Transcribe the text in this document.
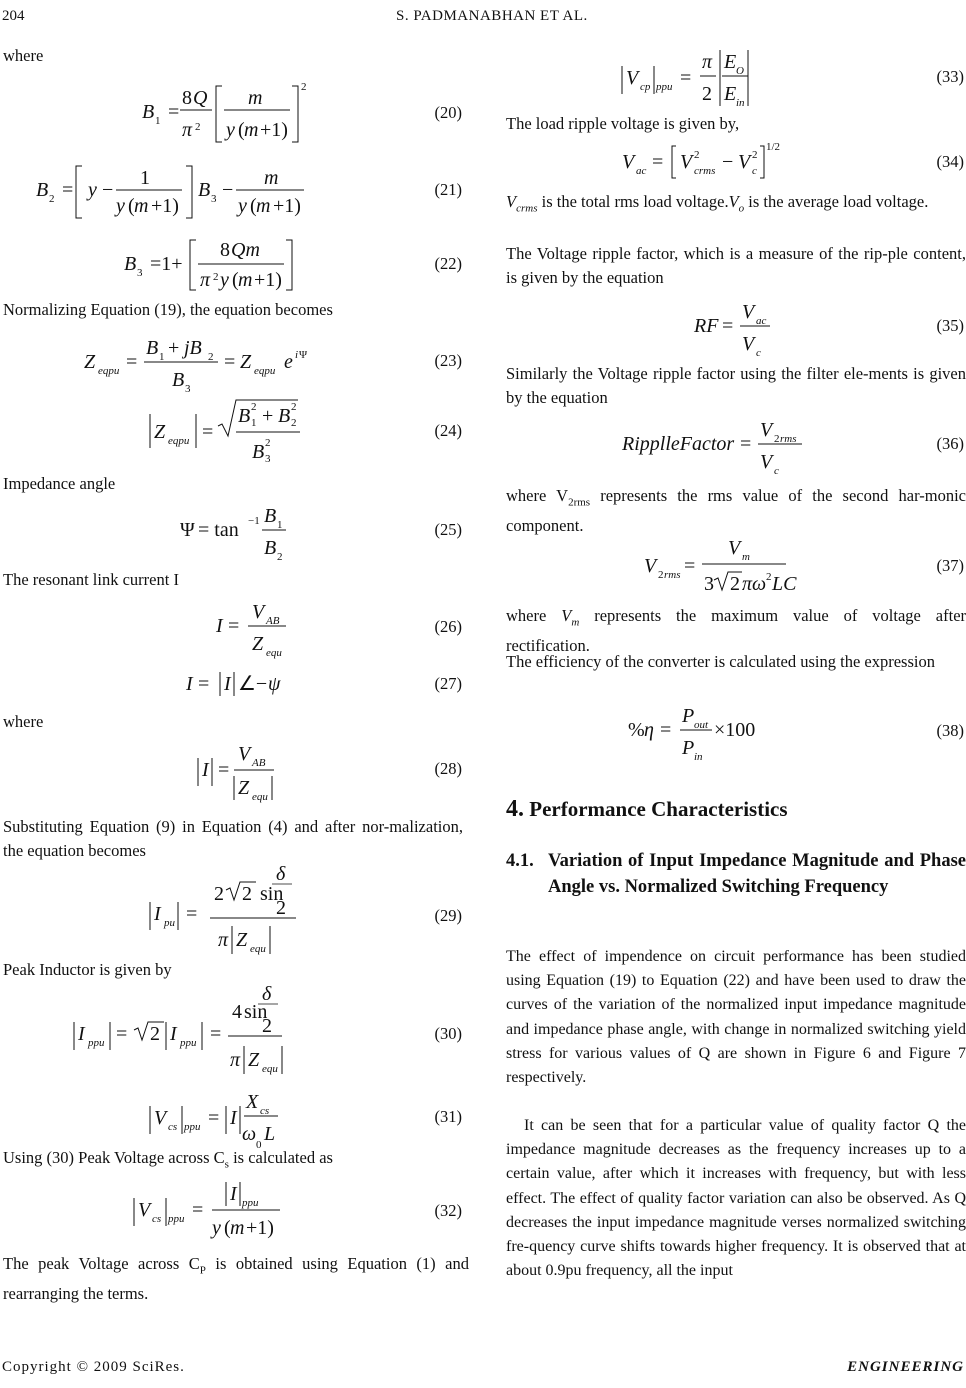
204	S. PADMANABHAN ET AL.
where
B 1 =
8 Q
π 2
m
y ( m +1)
2
(20)
B 2 = y −
1
y ( m +1)
B 3 −
m
y ( m +1)
(21)
B 3 =1+
8 Qm
π 2 y ( m +1)
(22)
Normalizing Equation (19), the equation becomes
Z eqpu =
B 1 + jB 2
B 3
= Z eqpu e i Ψ	(23)
Z eqpu =
B 2
1 + B 2
2
B 2
3
(24)
Impedance angle
Ψ = tan −1 B 1
B 2
(25)
The resonant link current I
I =
V AB
Z equ
(26)
I = I ∠− ψ	(27)
where
I =
V AB
Z equ
(28)
Substituting Equation (9) in Equation (4) and after nor-malization, the equation becomes
I pu =
2 2 sin
δ
2
π Z equ
(29)
Peak Inductor is given by
I ppu = 2 I ppu =
4 sin
δ
2
π Z equ
(30)
V cs ppu = I
X cs
ω 0 L
(31)
Using (30) Peak Voltage across $C_s$ is calculated as
V cs ppu =
I ppu
y ( m +1)
(32)
The peak Voltage across $C_P$ is obtained using Equation (1) and rearranging the terms.
V cp ppu =
π
2
E O
E in
(33)
The load ripple voltage is given by,
V ac = V 2
crms − V 2
c
1/2
(34)
$V_{crms}$ is the total rms load $voltage.V_o$ is the average load voltage.
The Voltage ripple factor, which is a measure of the rip-ple content, is given by the equation
RF =
V ac
V c
(35)
Similarly the Voltage ripple factor using the filter ele-ments is given by the equation
RipplleFactor =
V 2 rms
V c
(36)
where $V_{2rms}$ represents the rms value of the second har-monic component.
V 2 rms =
V m
3 2 πω 2 LC
(37)
where $V_m$ represents the maximum value of voltage after rectification.
The efficiency of the converter is calculated using the expression
% η =
P out
P in
×100	(38)
4. Performance Characteristics
4.1. Variation of Input Impedance Magnitude and Phase Angle vs. Normalized Switching Frequency
The effect of impendence on circuit performance has been studied using Equation (19) to Equation (22) and have been used to draw the curves of the variation of the normalized input impedance magnitude and impedance phase angle, with change in normalized switching yield stress for various values of Q are shown in Figure 6 and Figure 7 respectively.
It can be seen that for a particular value of quality factor Q the impedance magnitude decreases as the frequency increases up to a certain value, after which it increases with frequency, but with less effect. The effect of quality factor variation can also be observed. As Q decreases the input impedance magnitude verses normalized switching fre-quency curve shifts towards higher frequency. It is observed that at about 0.9pu frequency, all the input
Copyright © 2009 SciRes.	ENGINEERING
